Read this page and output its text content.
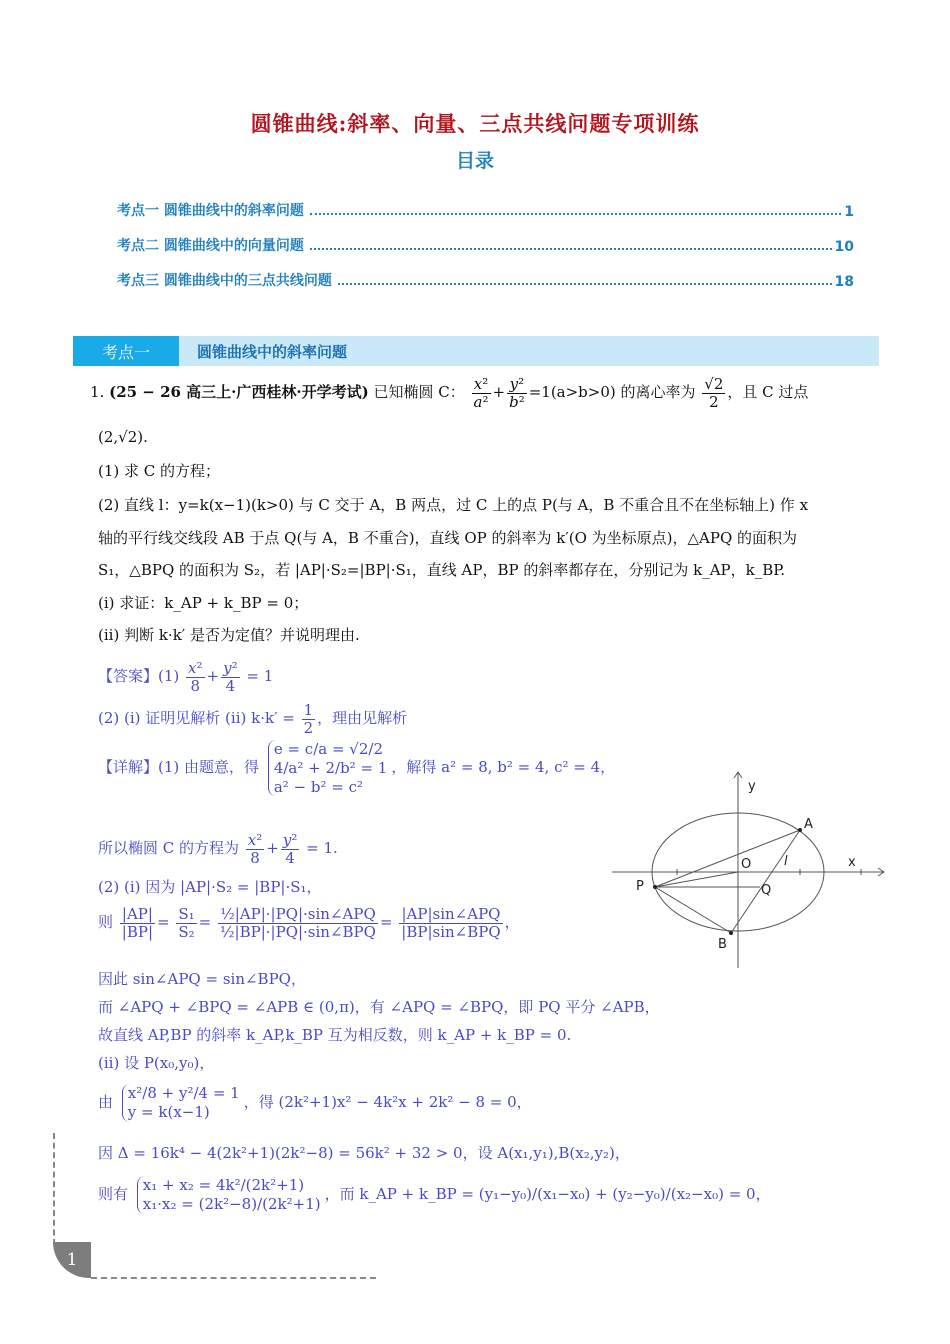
圆锥曲线:斜率、向量、三点共线问题专项训练
目录
考点一 圆锥曲线中的斜率问题	1
考点二 圆锥曲线中的向量问题	10
考点三 圆锥曲线中的三点共线问题	18
考点一	圆锥曲线中的斜率问题
1. (25 − 26 高三上·广西桂林·开学考试) 已知椭圆 C： $\frac{\text{x²}}{\text{a²}} + \frac{\text{y²}}{\text{b²}} =1(a>b>0)$ 的离心率为 $\frac{√2}{2}$ ，且 C 过点
(2,√2).
(1) 求 C 的方程；
(2) 直线 l：y=k(x−1)(k>0) 与 C 交于 A，B 两点，过 C 上的点 P(与 A，B 不重合且不在坐标轴上) 作 x
轴的平行线交线段 AB 于点 Q(与 A，B 不重合)，直线 OP 的斜率为 k′(O 为坐标原点)，△APQ 的面积为
S₁，△BPQ 的面积为 S₂，若 |AP|·S₂=|BP|·S₁，直线 AP，BP 的斜率都存在，分别记为 k_AP，k_BP.
(i) 求证：k_AP + k_BP = 0；
(ii) 判断 k·k′ 是否为定值？并说明理由.
【答案】$(1) \frac{\text{x²}}{8} + \frac{\text{y²}}{4} = 1$
(2) (i) 证明见解析 (ii) $k\cdot k' = \frac{1}{2}$ ，理由见解析
【详解】(1) 由题意，得
e = c/a = √2/2
4/a² + 2/b² = 1
a² − b² = c²
，解得 a² = 8, b² = 4, c² = 4，
所以椭圆 C 的方程为 $\frac{\text{x²}}{8} + \frac{\text{y²}}{4} = 1$.
(2) (i) 因为 |AP|·S₂ = |BP|·S₁，
则 $\frac{|AP|}{|BP|} = \frac{\text{S₁}}{\text{S₂}} = \frac{\text{½|AP|·|PQ|·sin∠APQ}}{\text{½|BP|·|PQ|·sin∠BPQ}} = \frac{\text{|AP|sin∠APQ}}{\text{|BP|sin∠BPQ}}$ ，
因此 sin∠APQ = sin∠BPQ，
而 ∠APQ + ∠BPQ = ∠APB ∈ (0,π)，有 ∠APQ = ∠BPQ，即 PQ 平分 ∠APB，
故直线 AP,BP 的斜率 k_AP,k_BP 互为相反数，则 k_AP + k_BP = 0.
(ii) 设 P(x₀,y₀)，
由 x²/8 + y²/4 = 1
y = k(x−1)
，得 (2k²+1)x² − 4k²x + 2k² − 8 = 0，
因 Δ = 16k⁴ − 4(2k²+1)(2k²−8) = 56k² + 32 > 0，设 A(x₁,y₁),B(x₂,y₂)，
则有 x₁ + x₂ = 4k²/(2k²+1)
x₁·x₂ = (2k²−8)/(2k²+1)
，而 k_AP + k_BP = (y₁−y₀)/(x₁−x₀) + (y₂−y₀)/(x₂−x₀) = 0，
y
x
O
A
B
P	Q
l
1
